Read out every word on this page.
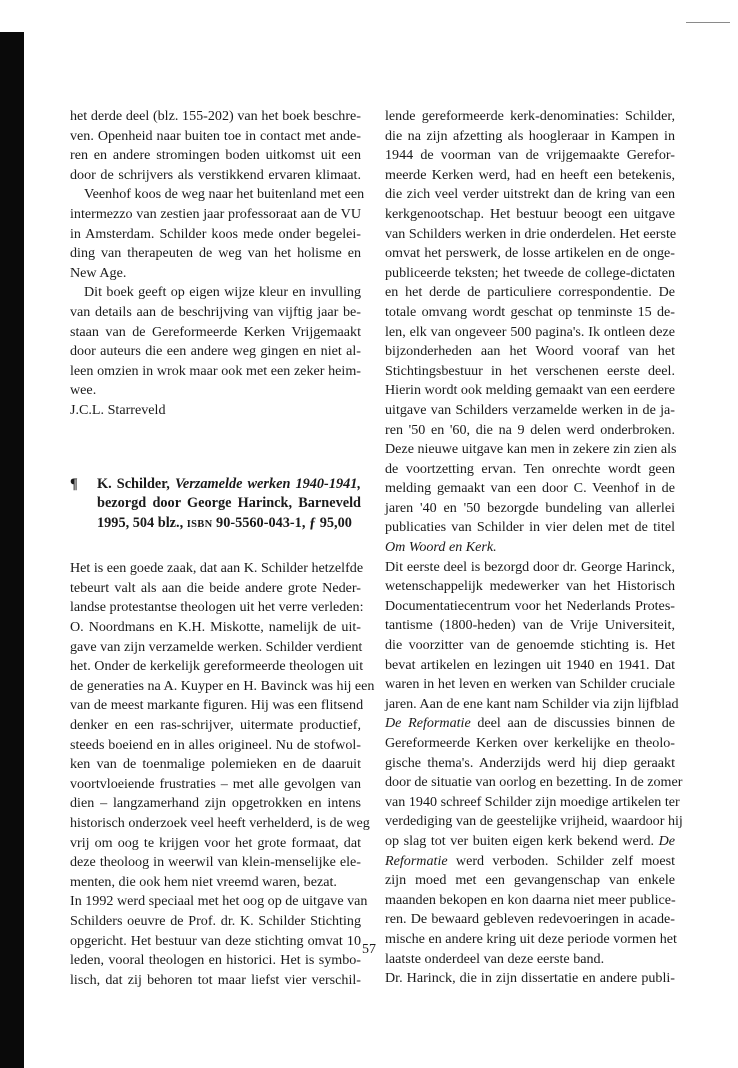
het derde deel (blz. 155-202) van het boek beschre-
ven. Openheid naar buiten toe in contact met ande-
ren en andere stromingen boden uitkomst uit een
door de schrijvers als verstikkend ervaren klimaat.
Veenhof koos de weg naar het buitenland met een
intermezzo van zestien jaar professoraat aan de VU
in Amsterdam. Schilder koos mede onder begelei-
ding van therapeuten de weg van het holisme en
New Age.
Dit boek geeft op eigen wijze kleur en invulling
van details aan de beschrijving van vijftig jaar be-
staan van de Gereformeerde Kerken Vrijgemaakt
door auteurs die een andere weg gingen en niet al-
leen omzien in wrok maar ook met een zeker heim-
wee.
J.C.L. Starreveld
¶ K. Schilder, Verzamelde werken 1940-1941,
bezorgd door George Harinck, Barneveld
1995, 504 blz., ISBN 90-5560-043-1, ƒ 95,00
Het is een goede zaak, dat aan K. Schilder hetzelfde
tebeurt valt als aan die beide andere grote Neder-
landse protestantse theologen uit het verre verleden:
O. Noordmans en K.H. Miskotte, namelijk de uit-
gave van zijn verzamelde werken. Schilder verdient
het. Onder de kerkelijk gereformeerde theologen uit
de generaties na A. Kuyper en H. Bavinck was hij een
van de meest markante figuren. Hij was een flitsend
denker en een ras-schrijver, uitermate productief,
steeds boeiend en in alles origineel. Nu de stofwol-
ken van de toenmalige polemieken en de daaruit
voortvloeiende frustraties – met alle gevolgen van
dien – langzamerhand zijn opgetrokken en intens
historisch onderzoek veel heeft verhelderd, is de weg
vrij om oog te krijgen voor het grote formaat, dat
deze theoloog in weerwil van klein-menselijke ele-
menten, die ook hem niet vreemd waren, bezat.
In 1992 werd speciaal met het oog op de uitgave van
Schilders oeuvre de Prof. dr. K. Schilder Stichting
opgericht. Het bestuur van deze stichting omvat 10
leden, vooral theologen en historici. Het is symbo-
lisch, dat zij behoren tot maar liefst vier verschil-
lende gereformeerde kerk-denominaties: Schilder,
die na zijn afzetting als hoogleraar in Kampen in
1944 de voorman van de vrijgemaakte Gerefor-
meerde Kerken werd, had en heeft een betekenis,
die zich veel verder uitstrekt dan de kring van een
kerkgenootschap. Het bestuur beoogt een uitgave
van Schilders werken in drie onderdelen. Het eerste
omvat het perswerk, de losse artikelen en de onge-
publiceerde teksten; het tweede de college-dictaten
en het derde de particuliere correspondentie. De
totale omvang wordt geschat op tenminste 15 de-
len, elk van ongeveer 500 pagina's. Ik ontleen deze
bijzonderheden aan het Woord vooraf van het
Stichtingsbestuur in het verschenen eerste deel.
Hierin wordt ook melding gemaakt van een eerdere
uitgave van Schilders verzamelde werken in de ja-
ren '50 en '60, die na 9 delen werd onderbroken.
Deze nieuwe uitgave kan men in zekere zin zien als
de voortzetting ervan. Ten onrechte wordt geen
melding gemaakt van een door C. Veenhof in de
jaren '40 en '50 bezorgde bundeling van allerlei
publicaties van Schilder in vier delen met de titel
Om Woord en Kerk.
Dit eerste deel is bezorgd door dr. George Harinck,
wetenschappelijk medewerker van het Historisch
Documentatiecentrum voor het Nederlands Protes-
tantisme (1800-heden) van de Vrije Universiteit,
die voorzitter van de genoemde stichting is. Het
bevat artikelen en lezingen uit 1940 en 1941. Dat
waren in het leven en werken van Schilder cruciale
jaren. Aan de ene kant nam Schilder via zijn lijfblad
De Reformatie deel aan de discussies binnen de
Gereformeerde Kerken over kerkelijke en theolo-
gische thema's. Anderzijds werd hij diep geraakt
door de situatie van oorlog en bezetting. In de zomer
van 1940 schreef Schilder zijn moedige artikelen ter
verdediging van de geestelijke vrijheid, waardoor hij
op slag tot ver buiten eigen kerk bekend werd. De
Reformatie werd verboden. Schilder zelf moest
zijn moed met een gevangenschap van enkele
maanden bekopen en kon daarna niet meer publice-
ren. De bewaard gebleven redevoeringen in acade-
mische en andere kring uit deze periode vormen het
laatste onderdeel van deze eerste band.
Dr. Harinck, die in zijn dissertatie en andere publi-
57
